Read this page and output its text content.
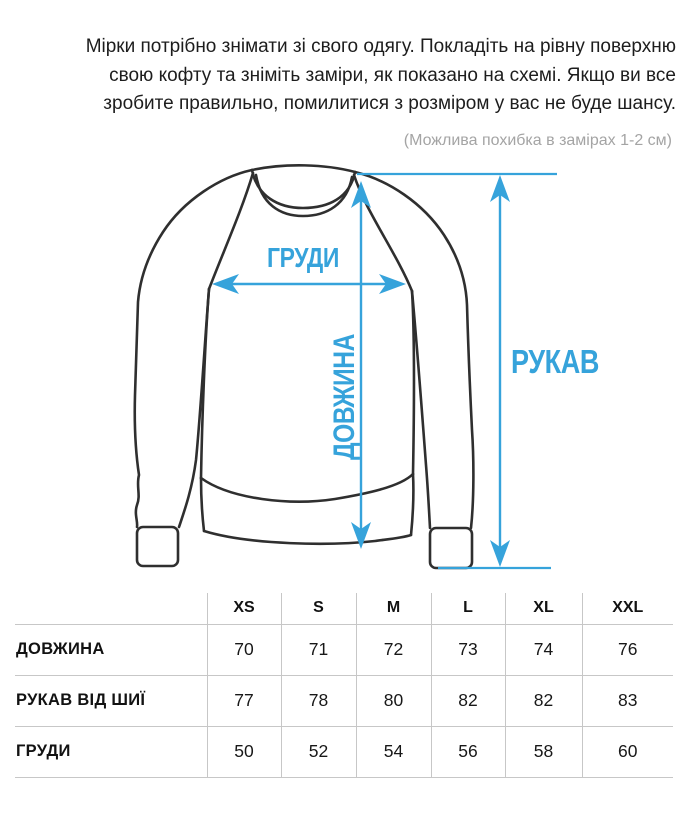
Мірки потрібно знімати зі свого одягу. Покладіть на рівну поверхню
свою кофту та зніміть заміри, як показано на схемі. Якщо ви все
зробите правильно, помилитися з розміром у вас не буде шансу.
(Можлива похибка в замірах 1-2 см)
ГРУДИ
ДОВЖИНА	РУКАВ
	XS	S	M	L	XL	XXL
ДОВЖИНА	70	71	72	73	74	76
РУКАВ ВІД ШИЇ	77	78	80	82	82	83
ГРУДИ	50	52	54	56	58	60
